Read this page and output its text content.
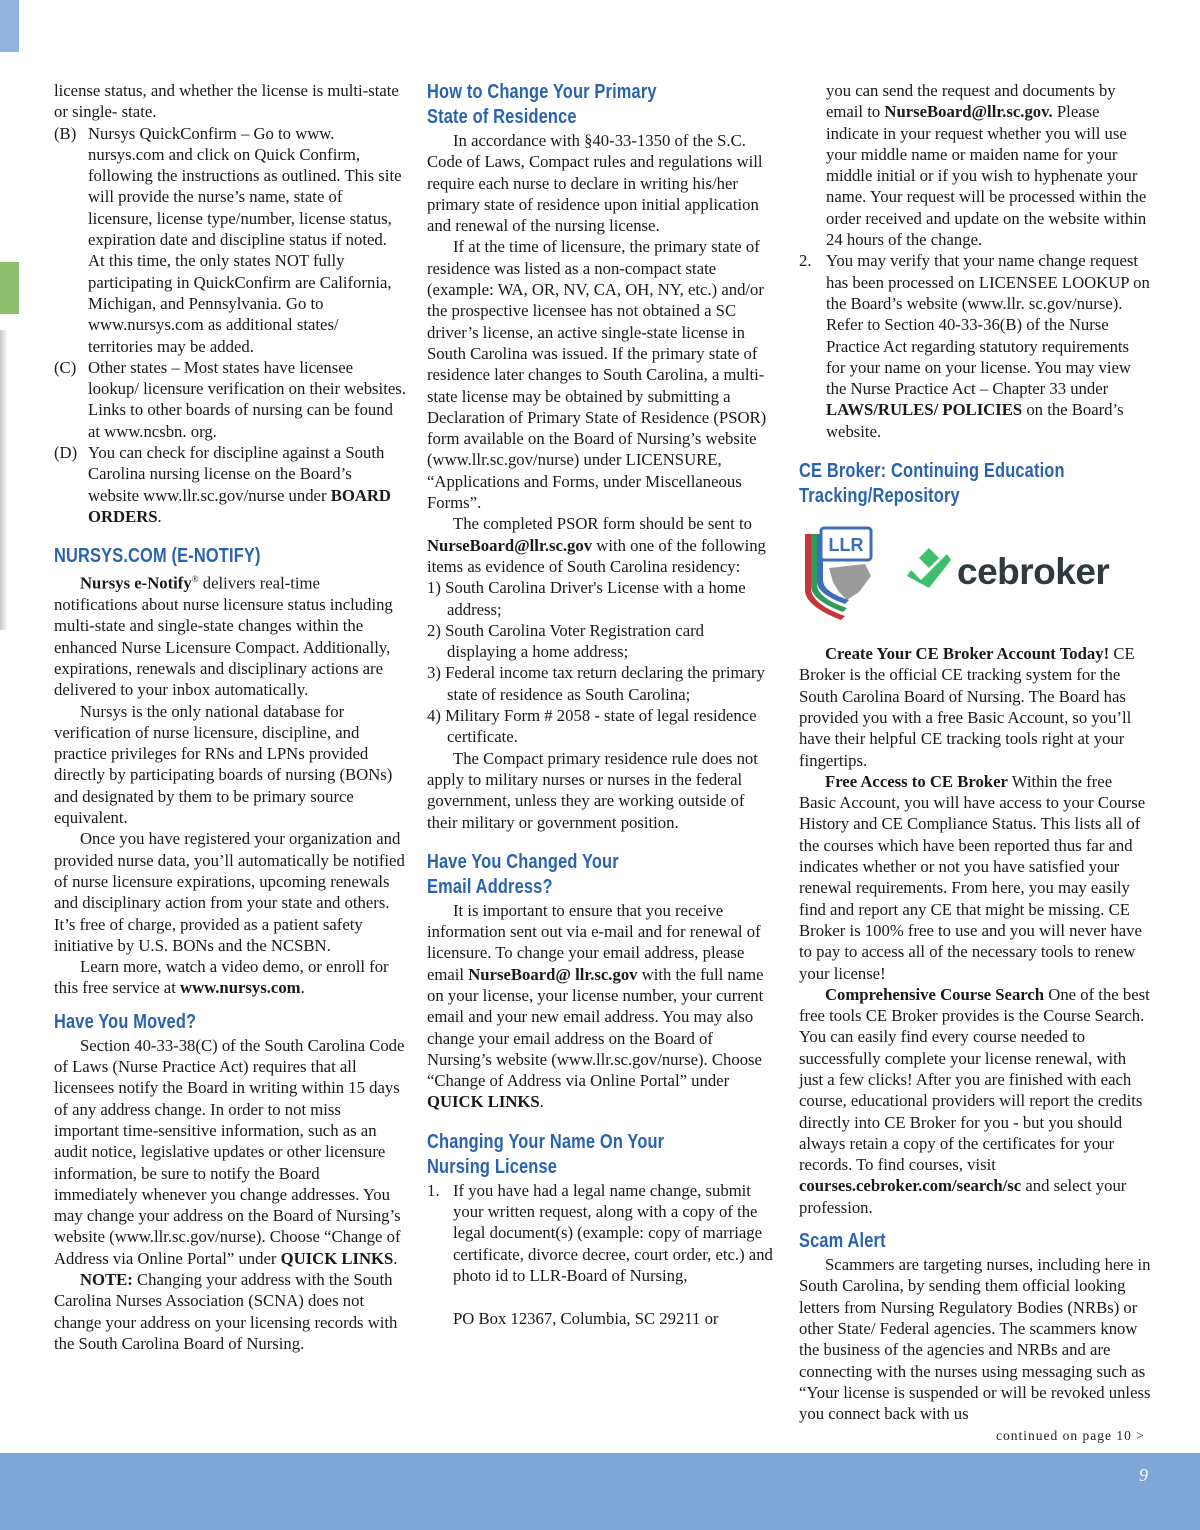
license status, and whether the license is multi-state or single- state.

(B) Nursys QuickConfirm – Go to www. nursys.com and click on Quick Confirm, following the instructions as outlined. This site will provide the nurse’s name, state of licensure, license type/number, license status, expiration date and discipline status if noted. At this time, the only states NOT fully participating in QuickConfirm are California, Michigan, and Pennsylvania. Go to www.nursys.com as additional states/ territories may be added.
(C) Other states – Most states have licensee lookup/ licensure verification on their websites. Links to other boards of nursing can be found at www.ncsbn. org.
(D) You can check for discipline against a South Carolina nursing license on the Board’s website www.llr.sc.gov/nurse under BOARD ORDERS.
NURSYS.COM (E-NOTIFY)

Nursys e-Notify® delivers real-time notifications about nurse licensure status including multi-state and single-state changes within the enhanced Nurse Licensure Compact. Additionally, expirations, renewals and disciplinary actions are delivered to your inbox automatically.

Nursys is the only national database for verification of nurse licensure, discipline, and practice privileges for RNs and LPNs provided directly by participating boards of nursing (BONs) and designated by them to be primary source equivalent.

Once you have registered your organization and provided nurse data, you’ll automatically be notified of nurse licensure expirations, upcoming renewals and disciplinary action from your state and others. It’s free of charge, provided as a patient safety initiative by U.S. BONs and the NCSBN.

Learn more, watch a video demo, or enroll for this free service at www.nursys.com.

Have You Moved?

Section 40-33-38(C) of the South Carolina Code of Laws (Nurse Practice Act) requires that all licensees notify the Board in writing within 15 days of any address change. In order to not miss important time-sensitive information, such as an audit notice, legislative updates or other licensure information, be sure to notify the Board immediately whenever you change addresses. You may change your address on the Board of Nursing’s website (www.llr.sc.gov/nurse). Choose “Change of Address via Online Portal” under QUICK LINKS.

NOTE: Changing your address with the South Carolina Nurses Association (SCNA) does not change your address on your licensing records with the South Carolina Board of Nursing.

How to Change Your Primary
State of Residence

In accordance with §40-33-1350 of the S.C. Code of Laws, Compact rules and regulations will require each nurse to declare in writing his/her primary state of residence upon initial application and renewal of the nursing license.

If at the time of licensure, the primary state of residence was listed as a non-compact state (example: WA, OR, NV, CA, OH, NY, etc.) and/or the prospective licensee has not obtained a SC driver’s license, an active single-state license in South Carolina was issued. If the primary state of residence later changes to South Carolina, a multi-state license may be obtained by submitting a Declaration of Primary State of Residence (PSOR) form available on the Board of Nursing’s website (www.llr.sc.gov/nurse) under LICENSURE, “Applications and Forms, under Miscellaneous Forms”.

The completed PSOR form should be sent to NurseBoard@llr.sc.gov with one of the following items as evidence of South Carolina residency:

1) South Carolina Driver's License with a home address;

2) South Carolina Voter Registration card displaying a home address;

3) Federal income tax return declaring the primary state of residence as South Carolina;

4) Military Form # 2058 - state of legal residence certificate.

The Compact primary residence rule does not apply to military nurses or nurses in the federal government, unless they are working outside of their military or government position.

Have You Changed Your
Email Address?

It is important to ensure that you receive information sent out via e-mail and for renewal of licensure. To change your email address, please email NurseBoard@ llr.sc.gov with the full name on your license, your license number, your current email and your new email address. You may also change your email address on the Board of Nursing’s website (www.llr.sc.gov/nurse). Choose “Change of Address via Online Portal” under QUICK LINKS.

Changing Your Name On Your
Nursing License
1. If you have had a legal name change, submit your written request, along with a copy of the legal document(s) (example: copy of marriage certificate, divorce decree, court order, etc.) and photo id to LLR-Board of Nursing,

PO Box 12367, Columbia, SC 29211 or
you can send the request and documents by email to NurseBoard@llr.sc.gov. Please indicate in your request whether you will use your middle name or maiden name for your middle initial or if you wish to hyphenate your name. Your request will be processed within the order received and update on the website within 24 hours of the change.
2. You may verify that your name change request has been processed on LICENSEE LOOKUP on the Board’s website (www.llr. sc.gov/nurse). Refer to Section 40-33-36(B) of the Nurse Practice Act regarding statutory requirements for your name on your license. You may view the Nurse Practice Act – Chapter 33 under LAWS/RULES/ POLICIES on the Board’s website.
CE Broker: Continuing Education
Tracking/Repository
LLR
cebroker

Create Your CE Broker Account Today! CE Broker is the official CE tracking system for the South Carolina Board of Nursing. The Board has provided you with a free Basic Account, so you’ll have their helpful CE tracking tools right at your fingertips.

Free Access to CE Broker Within the free Basic Account, you will have access to your Course History and CE Compliance Status. This lists all of the courses which have been reported thus far and indicates whether or not you have satisfied your renewal requirements. From here, you may easily find and report any CE that might be missing. CE Broker is 100% free to use and you will never have to pay to access all of the necessary tools to renew your license!

Comprehensive Course Search One of the best free tools CE Broker provides is the Course Search. You can easily find every course needed to successfully complete your license renewal, with just a few clicks! After you are finished with each course, educational providers will report the credits directly into CE Broker for you - but you should always retain a copy of the certificates for your records. To find courses, visit courses.cebroker.com/search/sc and select your profession.

Scam Alert

Scammers are targeting nurses, including here in South Carolina, by sending them official looking letters from Nursing Regulatory Bodies (NRBs) or other State/ Federal agencies. The scammers know the business of the agencies and NRBs and are connecting with the nurses using messaging such as “Your license is suspended or will be revoked unless you connect back with us

continued on page 10 >
9
